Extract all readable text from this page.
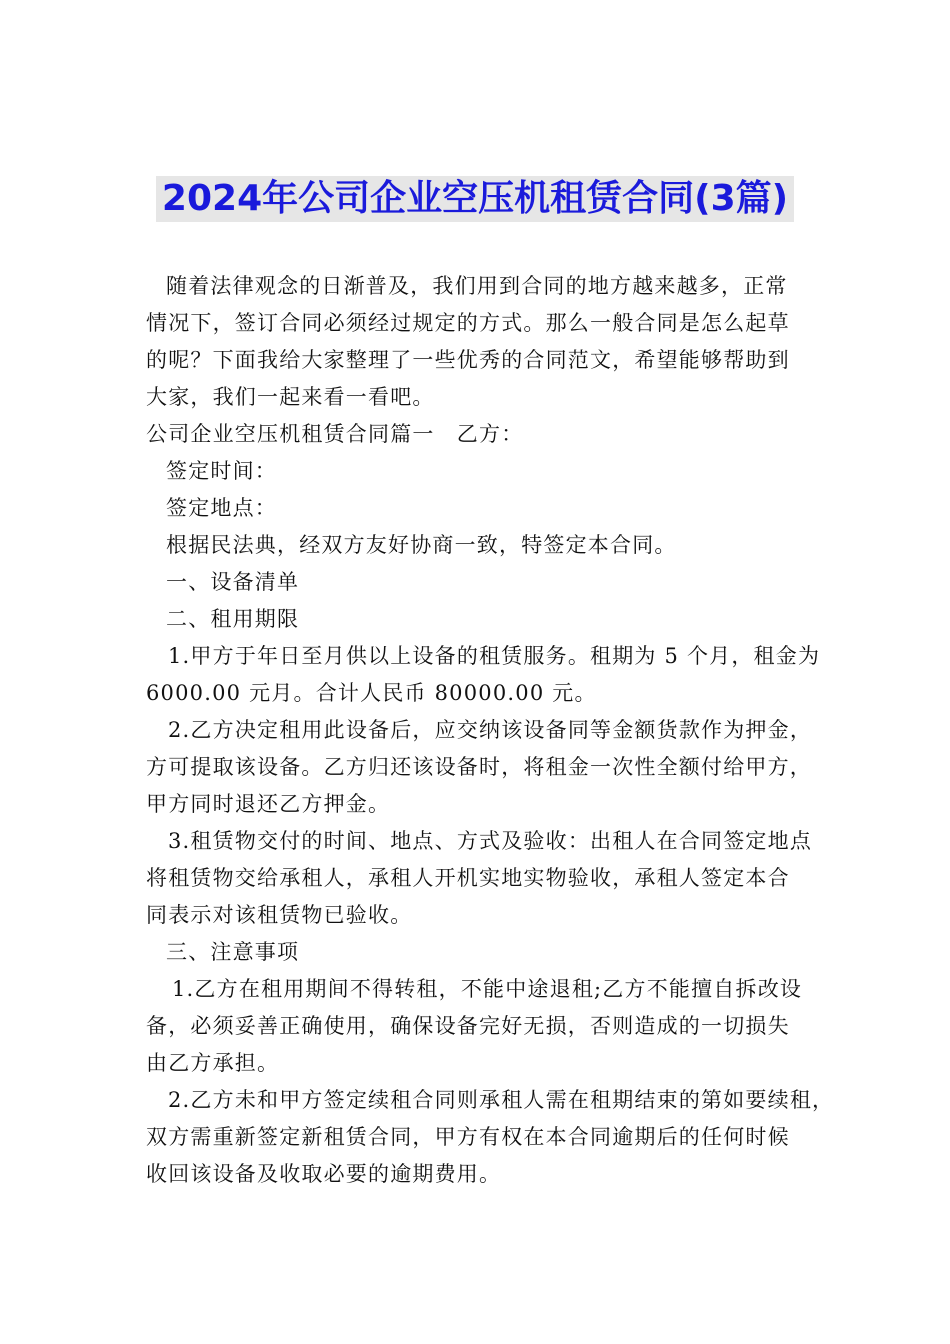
2024年公司企业空压机租赁合同(3篇)
随着法律观念的日渐普及，我们用到合同的地方越来越多，正常
情况下，签订合同必须经过规定的方式。那么一般合同是怎么起草
的呢？下面我给大家整理了一些优秀的合同范文，希望能够帮助到
大家，我们一起来看一看吧。
公司企业空压机租赁合同篇一　乙方：
签定时间：
签定地点：
根据民法典，经双方友好协商一致，特签定本合同。
一、设备清单
二、租用期限
1.甲方于年日至月供以上设备的租赁服务。租期为 5 个月，租金为
6000.00 元月。合计人民币 80000.00 元。
2.乙方决定租用此设备后，应交纳该设备同等金额货款作为押金，
方可提取该设备。乙方归还该设备时，将租金一次性全额付给甲方，
甲方同时退还乙方押金。
3.租赁物交付的时间、地点、方式及验收：出租人在合同签定地点
将租赁物交给承租人，承租人开机实地实物验收，承租人签定本合
同表示对该租赁物已验收。
三、注意事项
1.乙方在租用期间不得转租，不能中途退租;乙方不能擅自拆改设
备，必须妥善正确使用，确保设备完好无损，否则造成的一切损失
由乙方承担。
2.乙方未和甲方签定续租合同则承租人需在租期结束的第如要续租，
双方需重新签定新租赁合同，甲方有权在本合同逾期后的任何时候
收回该设备及收取必要的逾期费用。
